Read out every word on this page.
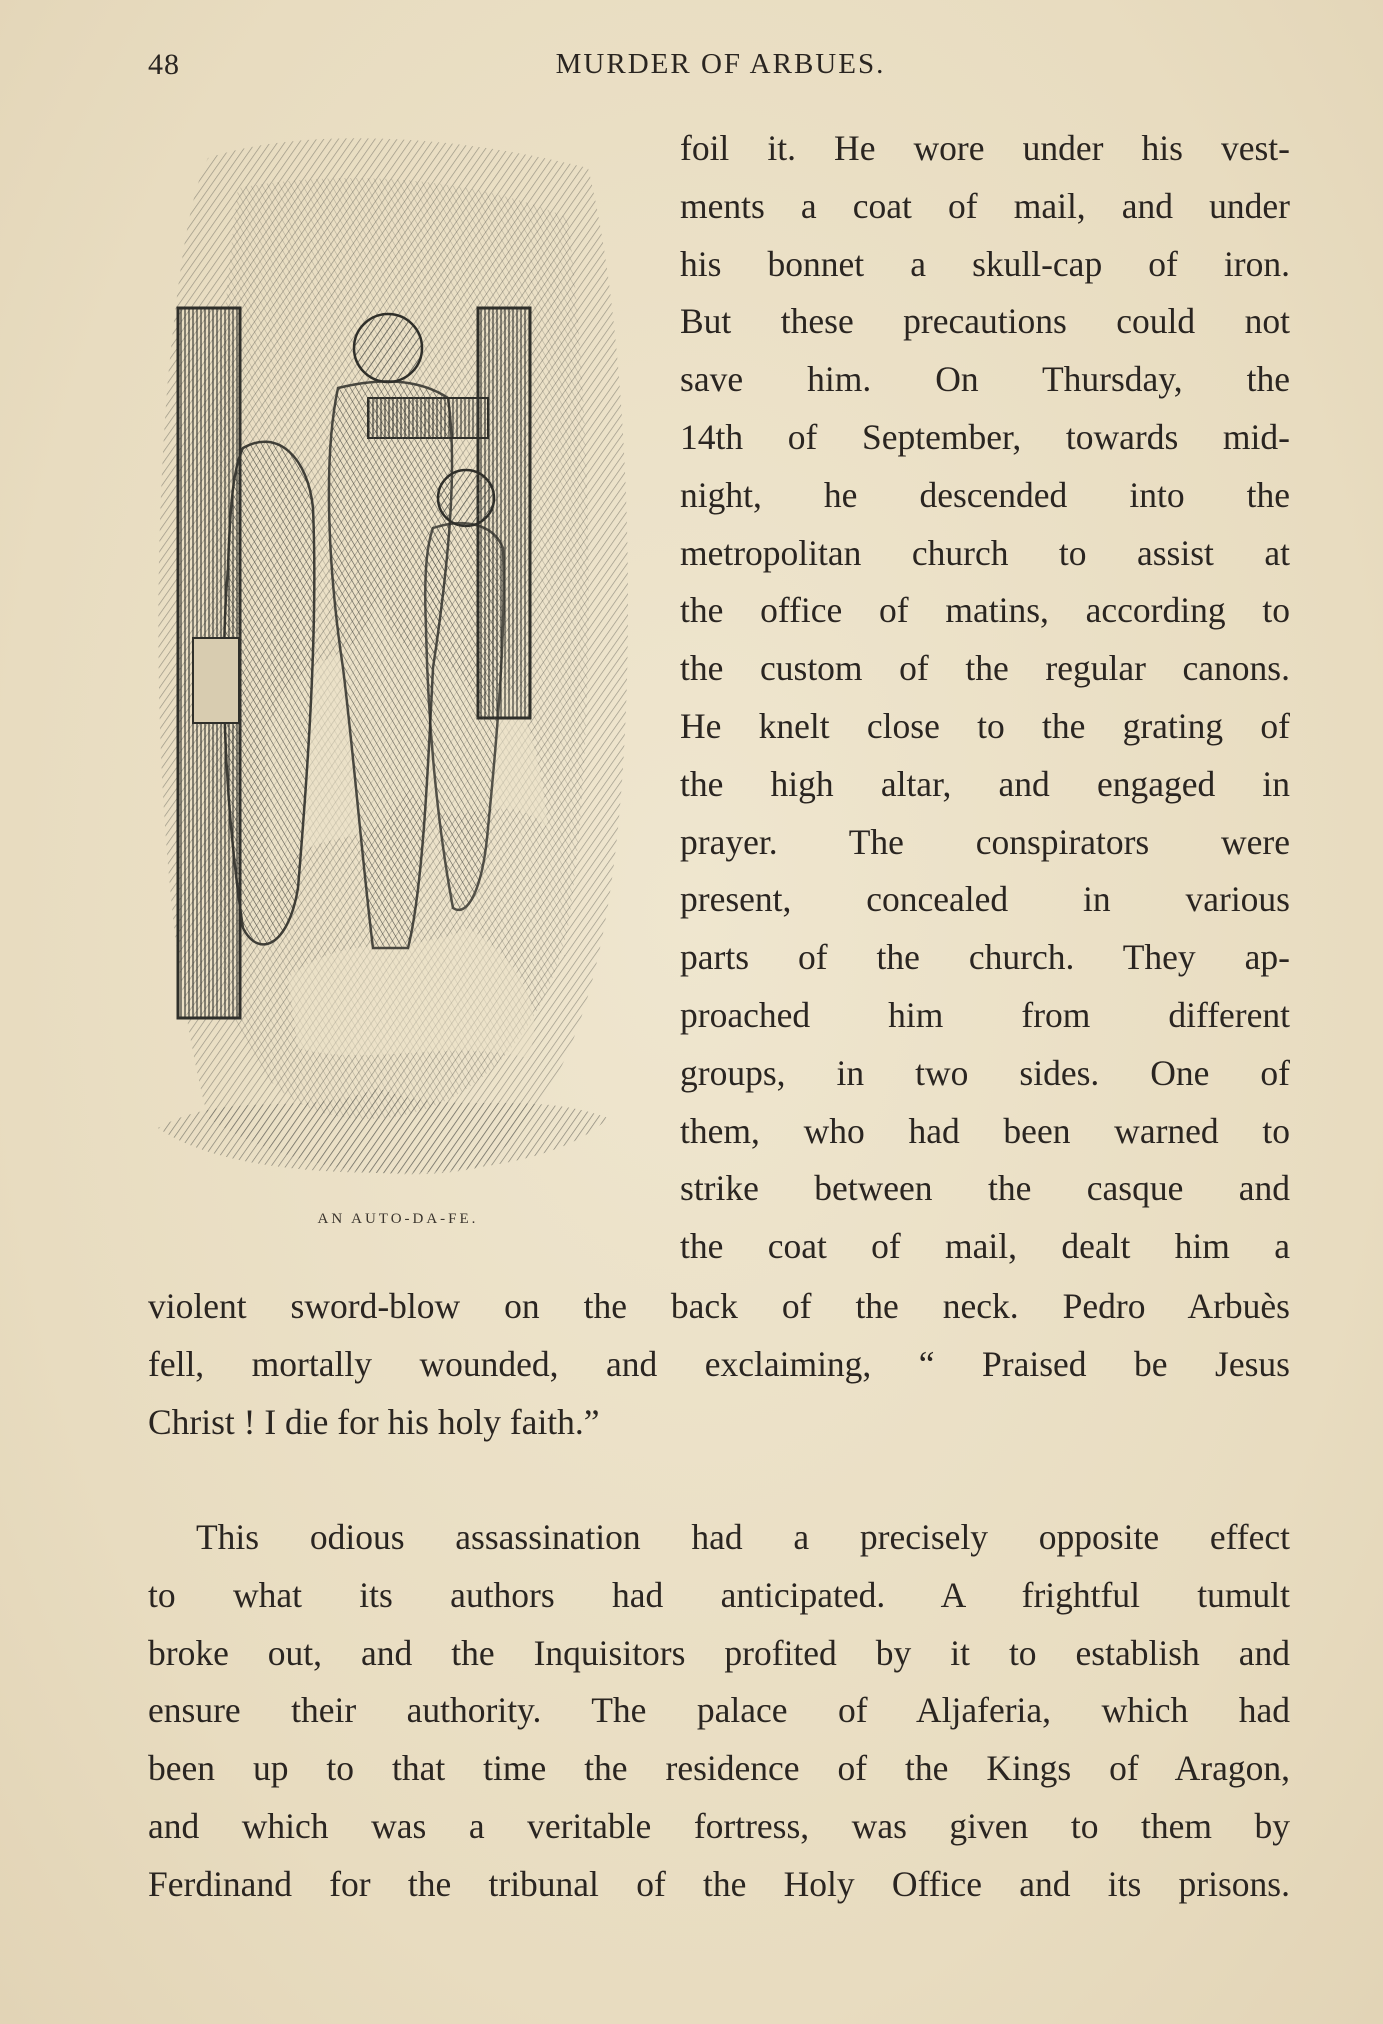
48	MURDER OF ARBUES.
AN AUTO-DA-FE.
foil it. He wore under his vest-
ments a coat of mail, and under
his bonnet a skull-cap of iron.
But these precautions could not
save him. On Thursday, the
14th of September, towards mid-
night, he descended into the
metropolitan church to assist at
the office of matins, according to
the custom of the regular canons.
He knelt close to the grating of
the high altar, and engaged in
prayer. The conspirators were
present, concealed in various
parts of the church. They ap-
proached him from different
groups, in two sides. One of
them, who had been warned to
strike between the casque and
the coat of mail, dealt him a
violent sword-blow on the back of the neck. Pedro Arbuès
fell, mortally wounded, and exclaiming, “ Praised be Jesus
Christ ! I die for his holy faith.”
This odious assassination had a precisely opposite effect
to what its authors had anticipated. A frightful tumult
broke out, and the Inquisitors profited by it to establish and
ensure their authority. The palace of Aljaferia, which had
been up to that time the residence of the Kings of Aragon,
and which was a veritable fortress, was given to them by
Ferdinand for the tribunal of the Holy Office and its prisons.
